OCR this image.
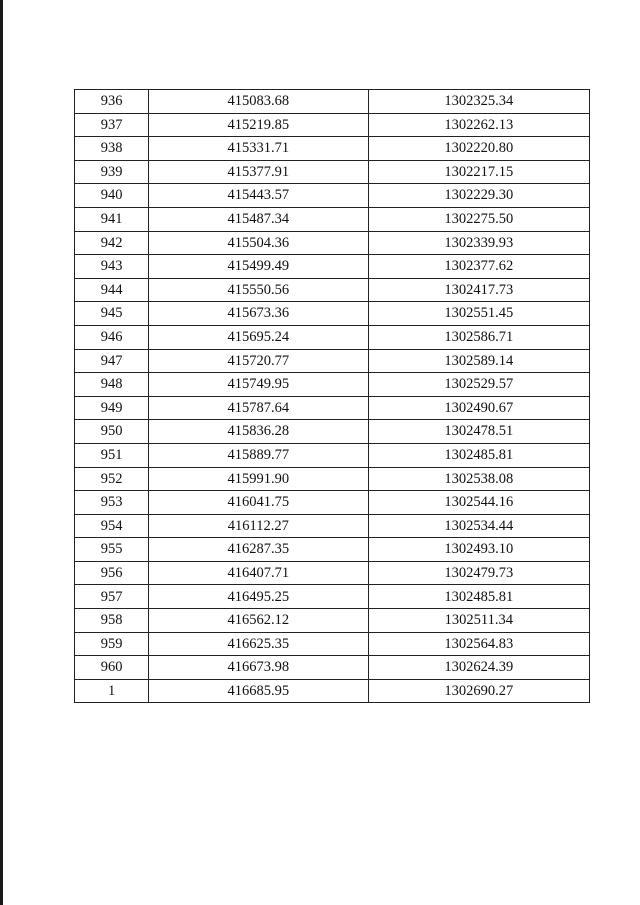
936	415083.68	1302325.34
937	415219.85	1302262.13
938	415331.71	1302220.80
939	415377.91	1302217.15
940	415443.57	1302229.30
941	415487.34	1302275.50
942	415504.36	1302339.93
943	415499.49	1302377.62
944	415550.56	1302417.73
945	415673.36	1302551.45
946	415695.24	1302586.71
947	415720.77	1302589.14
948	415749.95	1302529.57
949	415787.64	1302490.67
950	415836.28	1302478.51
951	415889.77	1302485.81
952	415991.90	1302538.08
953	416041.75	1302544.16
954	416112.27	1302534.44
955	416287.35	1302493.10
956	416407.71	1302479.73
957	416495.25	1302485.81
958	416562.12	1302511.34
959	416625.35	1302564.83
960	416673.98	1302624.39
1	416685.95	1302690.27
